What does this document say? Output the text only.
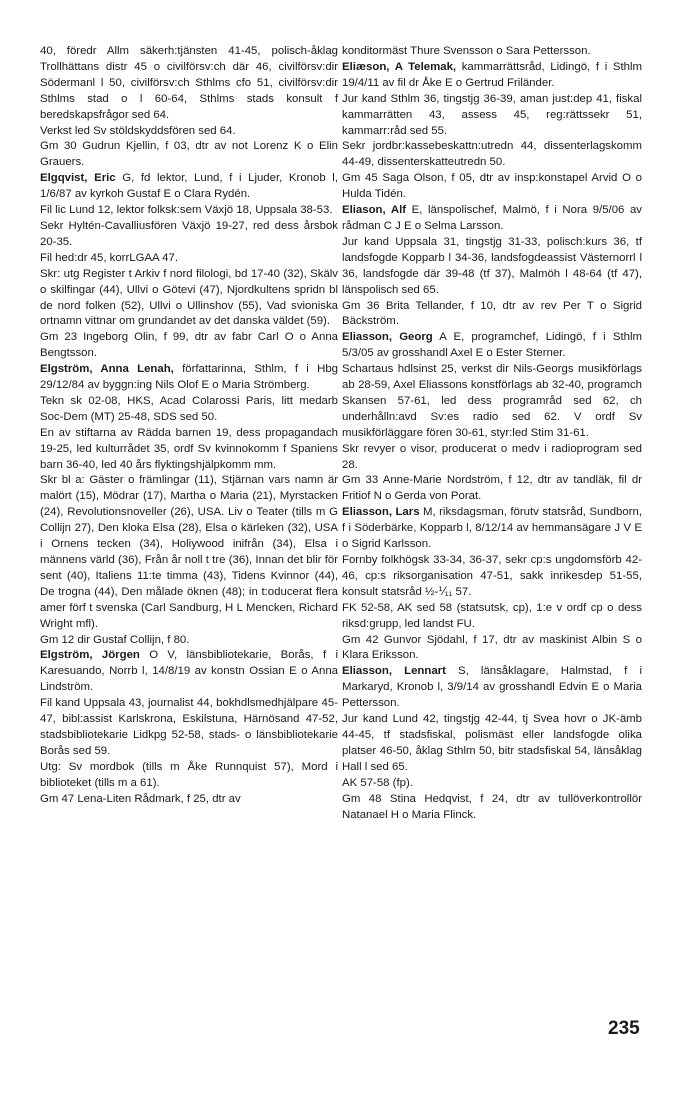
40, föredr Allm säkerh:tjänsten 41-45, polisch-åklag Trollhättans distr 45 o civilförsv:ch där 46, civilförsv:dir Södermanl l 50, civilförsv:ch Sthlms cfo 51, civilförsv:dir Sthlms stad o l 60-64, Sthlms stads konsult f beredskapsfrågor sed 64.
Verkst led Sv stöldskyddsfören sed 64.
Gm 30 Gudrun Kjellin, f 03, dtr av not Lorenz K o Elin Grauers.
Elgqvist, Eric G, fd lektor, Lund, f i Ljuder, Kronob l, 1/6/87 av kyrkoh Gustaf E o Clara Rydén.
Fil lic Lund 12, lektor folksk:sem Växjö 18, Uppsala 38-53.
Sekr Hyltén-Cavalliusfören Växjö 19-27, red dess årsbok 20-35.
Fil hed:dr 45, korrLGAA 47.
Skr: utg Register t Arkiv f nord filologi, bd 17-40 (32), Skälv o skilfingar (44), Ullvi o Götevi (47), Njordkultens spridn bl de nord folken (52), Ullvi o Ullinshov (55), Vad svioniska ortnamn vittnar om grundandet av det danska väldet (59).
Gm 23 Ingeborg Olin, f 99, dtr av fabr Carl O o Anna Bengtsson.
Elgström, Anna Lenah, författarinna, Sthlm, f i Hbg 29/12/84 av byggn:ing Nils Olof E o Maria Strömberg.
Tekn sk 02-08, HKS, Acad Colarossi Paris, litt medarb Soc-Dem (MT) 25-48, SDS sed 50.
En av stiftarna av Rädda barnen 19, dess propagandach 19-25, led kulturrådet 35, ordf Sv kvinnokomm f Spaniens barn 36-40, led 40 års flyktingshjälpkomm mm.
Skr bl a: Gäster o främlingar (11), Stjärnan vars namn är malört (15), Mödrar (17), Martha o Maria (21), Myrstacken (24), Revolutionsnoveller (26), USA. Liv o Teater (tills m G Collijn 27), Den kloka Elsa (28), Elsa o kärleken (32), USA i Ornens tecken (34), Holiywood inifrån (34), Elsa i männens värld (36), Från år noll t tre (36), Innan det blir för sent (40), Italiens 11:te timma (43), Tidens Kvinnor (44), De trogna (44), Den målade öknen (48); in t:oducerat flera amer förf t svenska (Carl Sandburg, H L Mencken, Richard Wright mfl).
Gm 12 dir Gustaf Collijn, f 80.
Elgström, Jörgen O V, länsbibliotekarie, Borås, f i Karesuando, Norrb l, 14/8/19 av konstn Ossian E o Anna Lindström.
Fil kand Uppsala 43, journalist 44, bokhdlsmedhjälpare 45-47, bibl:assist Karlskrona, Eskilstuna, Härnösand 47-52, stadsbibliotekarie Lidkpg 52-58, stads- o länsbibliotekarie Borås sed 59.
Utg: Sv mordbok (tills m Åke Runnquist 57), Mord i biblioteket (tills m a 61).
Gm 47 Lena-Liten Rådmark, f 25, dtr av
konditormäst Thure Svensson o Sara Pettersson.
Eliæson, A Telemak, kammarrättsråd, Lidingö, f i Sthlm 19/4/11 av fil dr Åke E o Gertrud Friländer.
Jur kand Sthlm 36, tingstjg 36-39, aman just:dep 41, fiskal kammarrätten 43, assess 45, reg:rättssekr 51, kammarr:råd sed 55.
Sekr jordbr:kassebeskattn:utredn 44, dissenterlagskomm 44-49, dissenterskatteutredn 50.
Gm 45 Saga Olson, f 05, dtr av insp:konstapel Arvid O o Hulda Tidén.
Eliason, Alf E, länspolischef, Malmö, f i Nora 9/5/06 av rådman C J E o Selma Larsson.
Jur kand Uppsala 31, tingstjg 31-33, polisch:kurs 36, tf landsfogde Kopparb l 34-36, landsfogdeassist Västernorrl l 36, landsfogde där 39-48 (tf 37), Malmöh l 48-64 (tf 47), länspolisch sed 65.
Gm 36 Brita Tellander, f 10, dtr av rev Per T o Sigrid Bäckström.
Eliasson, Georg A E, programchef, Lidingö, f i Sthlm 5/3/05 av grosshandl Axel E o Ester Sterner.
Schartaus hdlsinst 25, verkst dir Nils-Georgs musikförlags ab 28-59, Axel Eliassons konstförlags ab 32-40, programch Skansen 57-61, led dess programråd sed 62, ch underhålln:avd Sv:es radio sed 62. V ordf Sv musikförläggare fören 30-61, styr:led Stim 31-61.
Skr revyer o visor, producerat o medv i radioprogram sed 28.
Gm 33 Anne-Marie Nordström, f 12, dtr av tandläk, fil dr Fritiof N o Gerda von Porat.
Eliasson, Lars M, riksdagsman, förutv statsråd, Sundborn, f i Söderbärke, Kopparb l, 8/12/14 av hemmansägare J V E o Sigrid Karlsson.
Fornby folkhögsk 33-34, 36-37, sekr cp:s ungdomsförb 42-46, cp:s riksorganisation 47-51, sakk inrikesdep 51-55, konsult statsråd ½-⅟₁₁ 57.
FK 52-58, AK sed 58 (statsutsk, cp), 1:e v ordf cp o dess riksd:grupp, led landst FU.
Gm 42 Gunvor Sjödahl, f 17, dtr av maskinist Albin S o Klara Eriksson.
Eliasson, Lennart S, länsåklagare, Halmstad, f i Markaryd, Kronob l, 3/9/14 av grosshandl Edvin E o Maria Pettersson.
Jur kand Lund 42, tingstjg 42-44, tj Svea hovr o JK-ämb 44-45, tf stadsfiskal, polismäst eller landsfogde olika platser 46-50, åklag Sthlm 50, bitr stadsfiskal 54, länsåklag Hall l sed 65.
AK 57-58 (fp).
Gm 48 Stina Hedqvist, f 24, dtr av tullöverkontrollör Natanael H o Maria Flinck.
235
